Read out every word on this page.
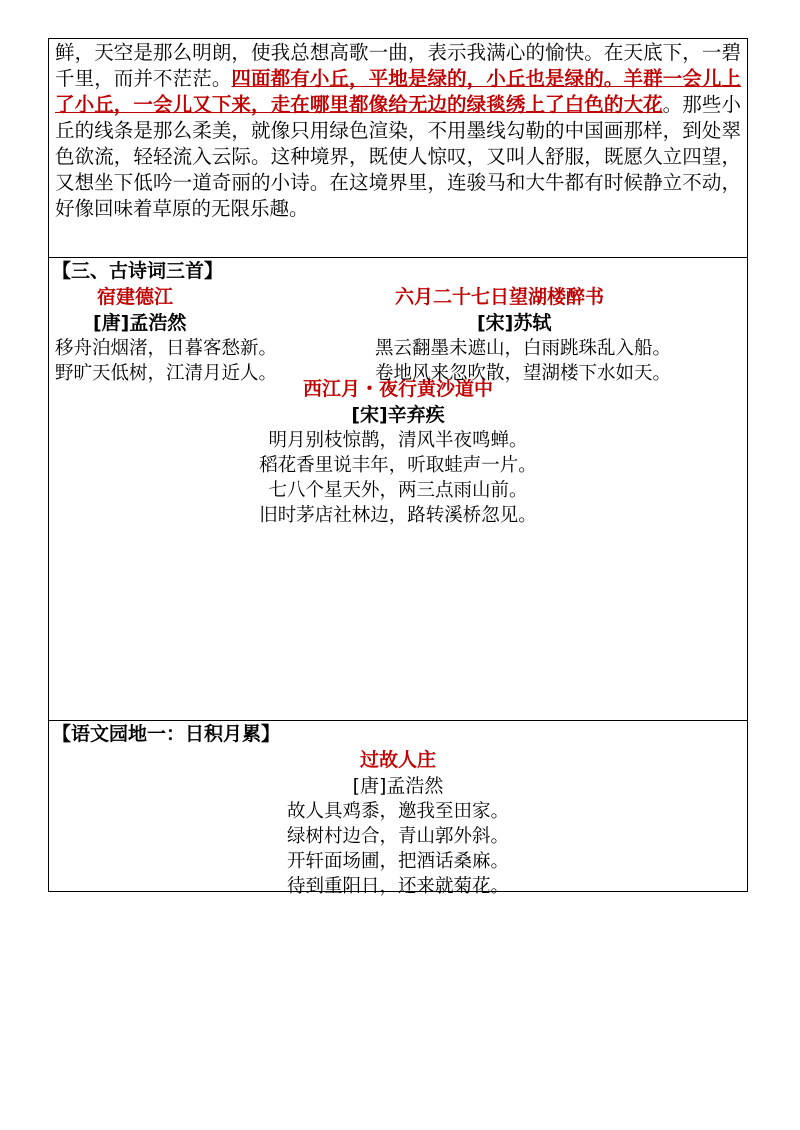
鲜，天空是那么明朗，使我总想高歌一曲，表示我满心的愉快。在天底下，一碧千里，而并不茫茫。四面都有小丘，平地是绿的，小丘也是绿的。羊群一会儿上了小丘，一会儿又下来，走在哪里都像给无边的绿毯绣上了白色的大花。那些小丘的线条是那么柔美，就像只用绿色渲染，不用墨线勾勒的中国画那样，到处翠色欲流，轻轻流入云际。这种境界，既使人惊叹，又叫人舒服，既愿久立四望，又想坐下低吟一道奇丽的小诗。在这境界里，连骏马和大牛都有时候静立不动，好像回味着草原的无限乐趣。
【三、古诗词三首】
宿建德江
[唐]孟浩然
移舟泊烟渚，日暮客愁新。
野旷天低树，江清月近人。
六月二十七日望湖楼醉书
[宋]苏轼
黑云翻墨未遮山，白雨跳珠乱入船。
卷地风来忽吹散，望湖楼下水如天。
西江月・夜行黄沙道中
[宋]辛弃疾
明月别枝惊鹊，清风半夜鸣蝉。
稻花香里说丰年，听取蛙声一片。
七八个星天外，两三点雨山前。
旧时茅店社林边，路转溪桥忽见。
【语文园地一：日积月累】
过故人庄
[唐]孟浩然
故人具鸡黍，邀我至田家。
绿树村边合，青山郭外斜。
开轩面场圃，把酒话桑麻。
待到重阳日，还来就菊花。
